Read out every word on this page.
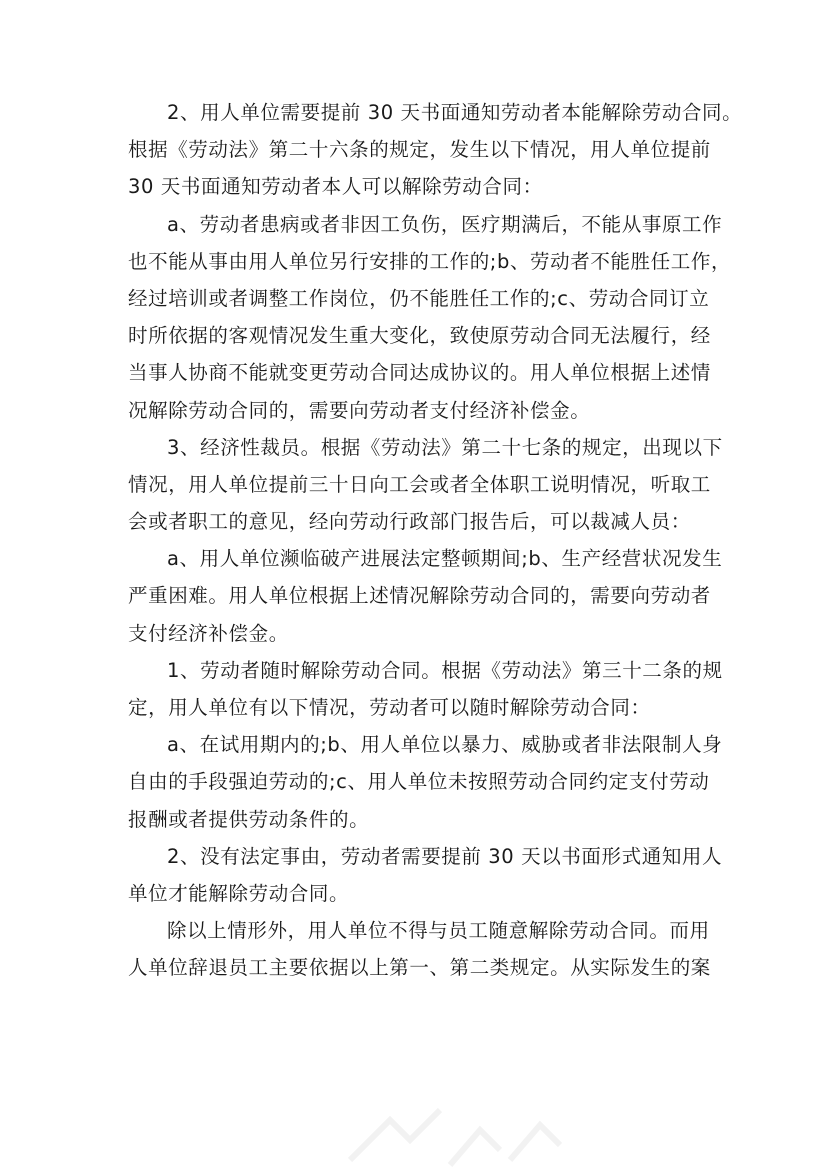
2、用人单位需要提前 30 天书面通知劳动者本能解除劳动合同。
根据《劳动法》第二十六条的规定，发生以下情况，用人单位提前
30 天书面通知劳动者本人可以解除劳动合同：
a、劳动者患病或者非因工负伤，医疗期满后，不能从事原工作
也不能从事由用人单位另行安排的工作的;b、劳动者不能胜任工作，
经过培训或者调整工作岗位，仍不能胜任工作的;c、劳动合同订立
时所依据的客观情况发生重大变化，致使原劳动合同无法履行，经
当事人协商不能就变更劳动合同达成协议的。用人单位根据上述情
况解除劳动合同的，需要向劳动者支付经济补偿金。
3、经济性裁员。根据《劳动法》第二十七条的规定，出现以下
情况，用人单位提前三十日向工会或者全体职工说明情况，听取工
会或者职工的意见，经向劳动行政部门报告后，可以裁减人员：
a、用人单位濒临破产进展法定整顿期间;b、生产经营状况发生
严重困难。用人单位根据上述情况解除劳动合同的，需要向劳动者
支付经济补偿金。
1、劳动者随时解除劳动合同。根据《劳动法》第三十二条的规
定，用人单位有以下情况，劳动者可以随时解除劳动合同：
a、在试用期内的;b、用人单位以暴力、威胁或者非法限制人身
自由的手段强迫劳动的;c、用人单位未按照劳动合同约定支付劳动
报酬或者提供劳动条件的。
2、没有法定事由，劳动者需要提前 30 天以书面形式通知用人
单位才能解除劳动合同。
除以上情形外，用人单位不得与员工随意解除劳动合同。而用
人单位辞退员工主要依据以上第一、第二类规定。从实际发生的案
